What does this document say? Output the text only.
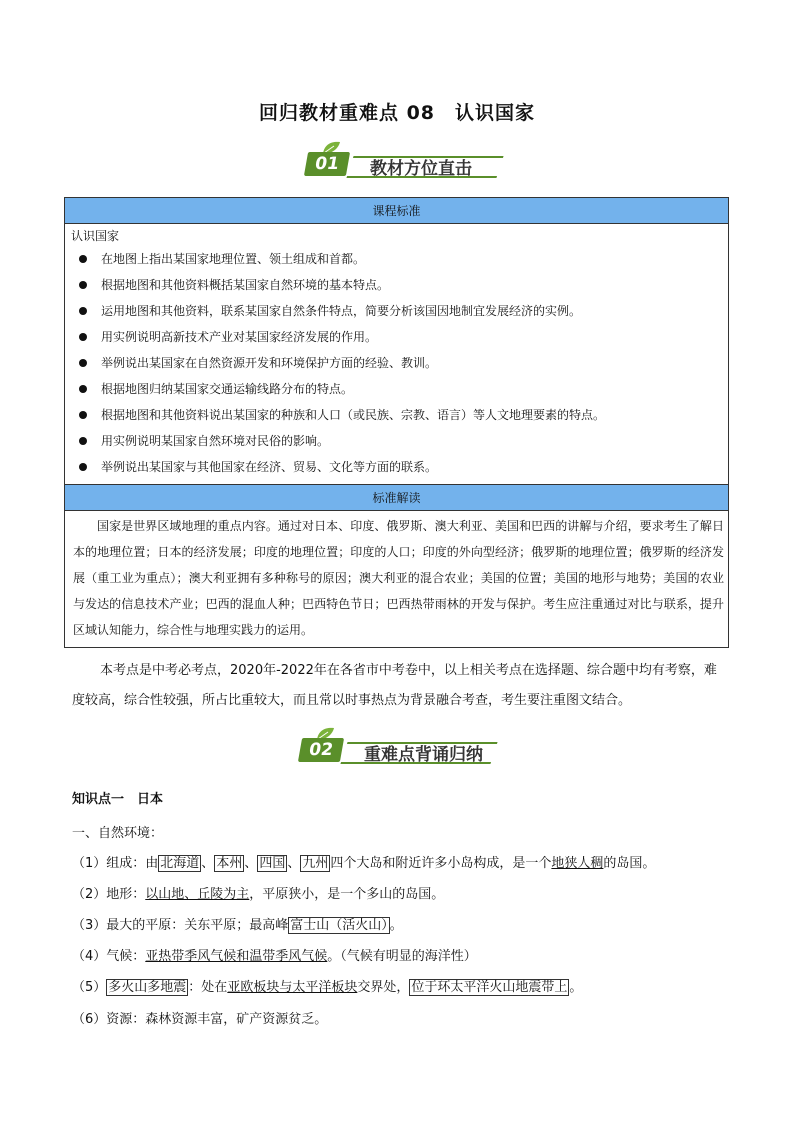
回归教材重难点 08　认识国家
01	教材方位直击
课程标准

认识国家
在地图上指出某国家地理位置、领土组成和首都。
根据地图和其他资料概括某国家自然环境的基本特点。
运用地图和其他资料，联系某国家自然条件特点，简要分析该国因地制宜发展经济的实例。
用实例说明高新技术产业对某国家经济发展的作用。
举例说出某国家在自然资源开发和环境保护方面的经验、教训。
根据地图归纳某国家交通运输线路分布的特点。
根据地图和其他资料说出某国家的种族和人口（或民族、宗教、语言）等人文地理要素的特点。
用实例说明某国家自然环境对民俗的影响。
举例说出某国家与其他国家在经济、贸易、文化等方面的联系。

标准解读
国家是世界区域地理的重点内容。通过对日本、印度、俄罗斯、澳大利亚、美国和巴西的讲解与介绍，要求考生了解日本的地理位置；日本的经济发展；印度的地理位置；印度的人口；印度的外向型经济；俄罗斯的地理位置；俄罗斯的经济发展（重工业为重点）；澳大利亚拥有多种称号的原因；澳大利亚的混合农业；美国的位置；美国的地形与地势；美国的农业与发达的信息技术产业；巴西的混血人种；巴西特色节日；巴西热带雨林的开发与保护。考生应注重通过对比与联系，提升区域认知能力，综合性与地理实践力的运用。
本考点是中考必考点，2020年-2022年在各省市中考卷中，以上相关考点在选择题、综合题中均有考察，难度较高，综合性较强，所占比重较大，而且常以时事热点为背景融合考查，考生要注重图文结合。
02	重难点背诵归纳
知识点一　日本
一、自然环境：
（1）组成：由 北海道 、 本州 、 四国 、 九州 四个大岛和附近许多小岛构成，是一个地狭人稠的岛国。
（2）地形：以山地、丘陵为主，平原狭小，是一个多山的岛国。
（3）最大的平原：关东平原；最高峰 富士山（活火山） 。
（4）气候：亚热带季风气候和温带季风气候。（气候有明显的海洋性）
（5） 多火山多地震 ：处在亚欧板块与太平洋板块交界处， 位于环太平洋火山地震带上 。
（6）资源：森林资源丰富，矿产资源贫乏。
